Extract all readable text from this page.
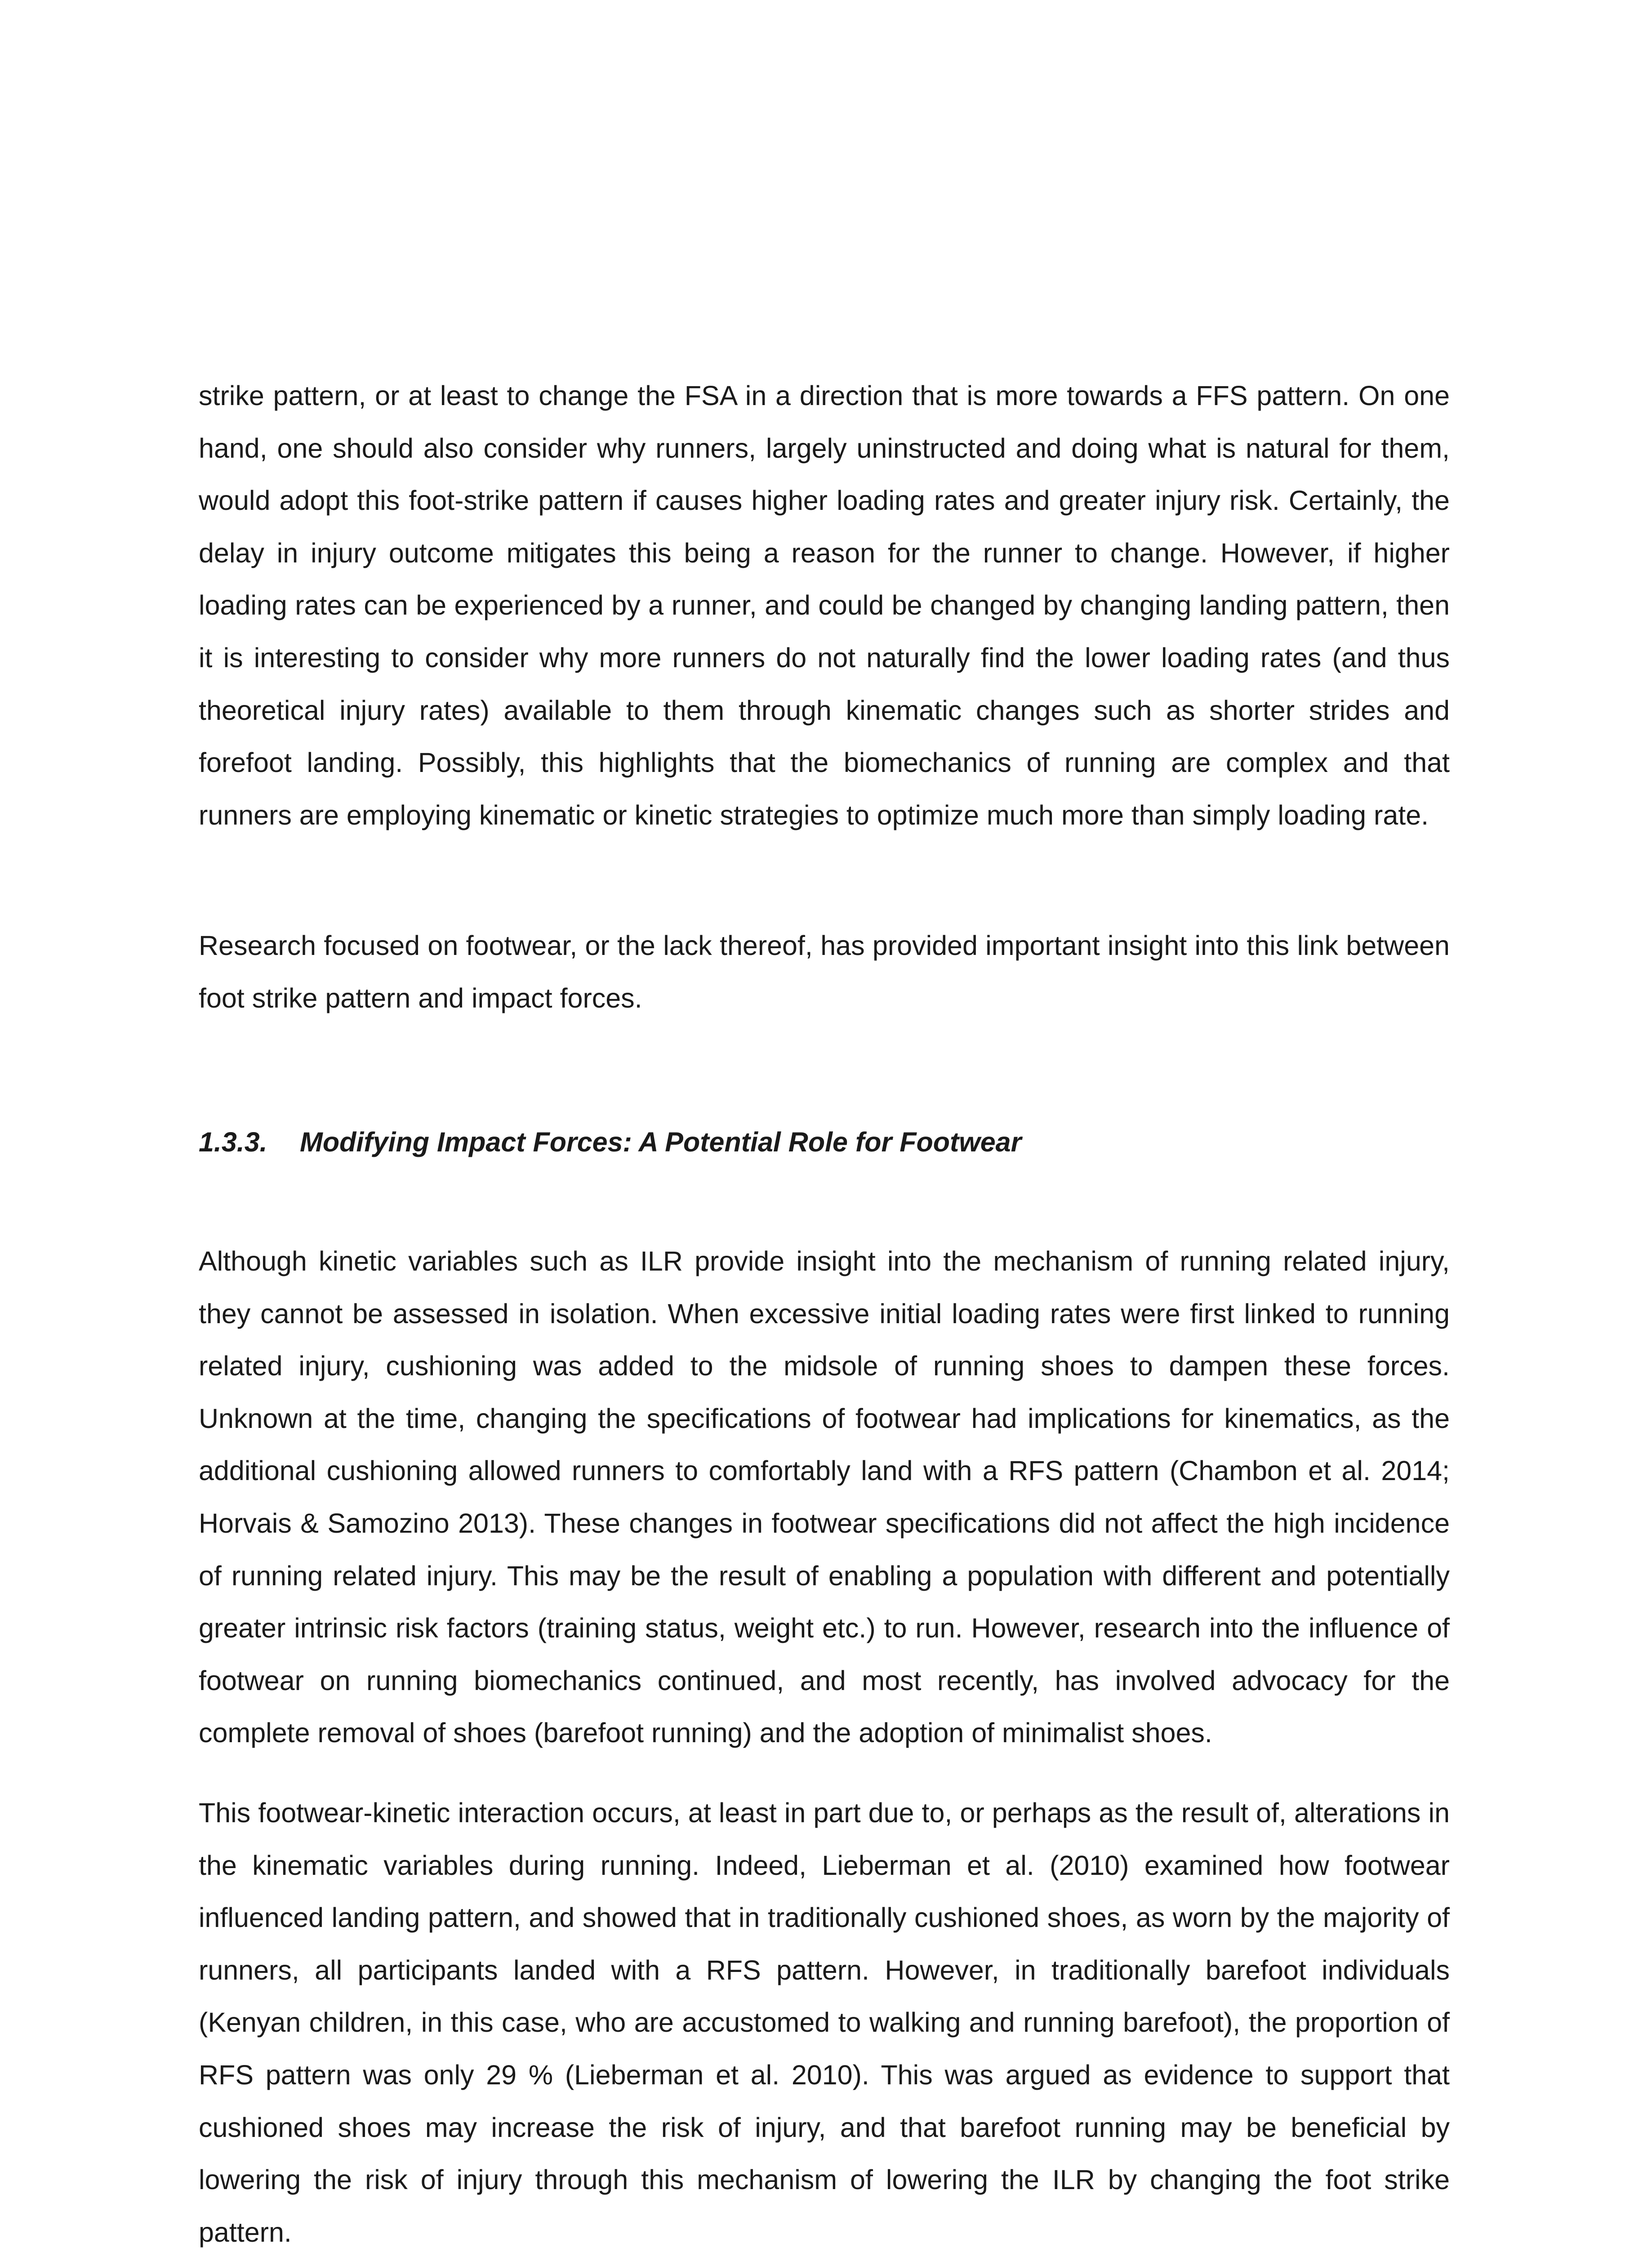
strike pattern, or at least to change the FSA in a direction that is more towards a FFS pattern. On one hand, one should also consider why runners, largely uninstructed and doing what is natural for them, would adopt this foot-strike pattern if causes higher loading rates and greater injury risk. Certainly, the delay in injury outcome mitigates this being a reason for the runner to change. However, if higher loading rates can be experienced by a runner, and could be changed by changing landing pattern, then it is interesting to consider why more runners do not naturally find the lower loading rates (and thus theoretical injury rates) available to them through kinematic changes such as shorter strides and forefoot landing. Possibly, this highlights that the biomechanics of running are complex and that runners are employing kinematic or kinetic strategies to optimize much more than simply loading rate.

Research focused on footwear, or the lack thereof, has provided important insight into this link between foot strike pattern and impact forces.

1.3.3. Modifying Impact Forces: A Potential Role for Footwear

Although kinetic variables such as ILR provide insight into the mechanism of running related injury, they cannot be assessed in isolation. When excessive initial loading rates were first linked to running related injury, cushioning was added to the midsole of running shoes to dampen these forces. Unknown at the time, changing the specifications of footwear had implications for kinematics, as the additional cushioning allowed runners to comfortably land with a RFS pattern (Chambon et al. 2014; Horvais & Samozino 2013). These changes in footwear specifications did not affect the high incidence of running related injury. This may be the result of enabling a population with different and potentially greater intrinsic risk factors (training status, weight etc.) to run. However, research into the influence of footwear on running biomechanics continued, and most recently, has involved advocacy for the complete removal of shoes (barefoot running) and the adoption of minimalist shoes.

This footwear-kinetic interaction occurs, at least in part due to, or perhaps as the result of, alterations in the kinematic variables during running. Indeed, Lieberman et al. (2010) examined how footwear influenced landing pattern, and showed that in traditionally cushioned shoes, as worn by the majority of runners, all participants landed with a RFS pattern. However, in traditionally barefoot individuals (Kenyan children, in this case, who are accustomed to walking and running barefoot), the proportion of RFS pattern was only 29 % (Lieberman et al. 2010). This was argued as evidence to support that cushioned shoes may increase the risk of injury, and that barefoot running may be beneficial by lowering the risk of injury through this mechanism of lowering the ILR by changing the foot strike pattern.
